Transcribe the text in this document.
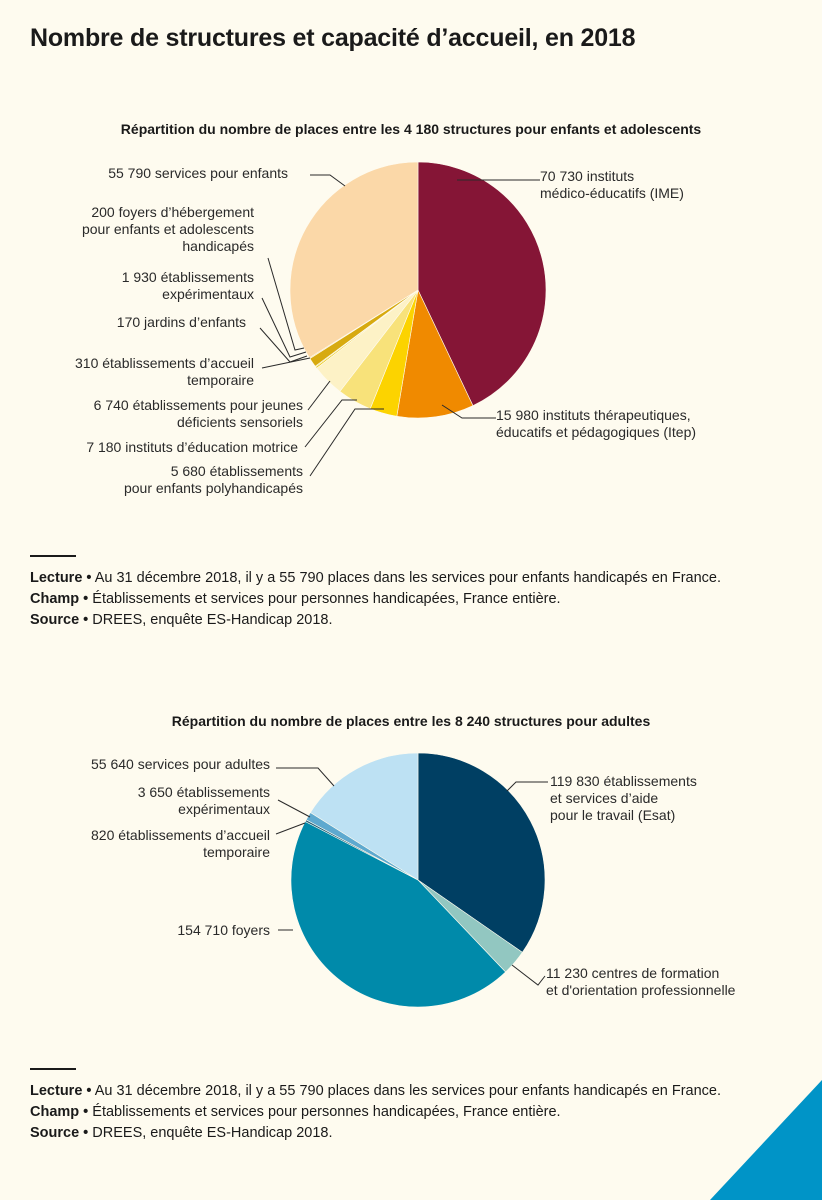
Nombre de structures et capacité d’accueil, en 2018
Répartition du nombre de places entre les 4 180 structures pour enfants et adolescents
70 730 instituts médico-éducatifs (IME)
15 980 instituts thérapeutiques, éducatifs et pédagogiques (Itep)
5 680 établissements pour enfants polyhandicapés
7 180 instituts d’éducation motrice
6 740 établissements pour jeunes déficients sensoriels
310 établissements d’accueil temporaire
170 jardins d’enfants
1 930 établissements expérimentaux
200 foyers d’hébergement pour enfants et adolescents handicapés
55 790 services pour enfants

Lecture • Au 31 décembre 2018, il y a 55 790 places dans les services pour enfants handicapés en France.

Champ • Établissements et services pour personnes handicapées, France entière.

Source • DREES, enquête ES-Handicap 2018.

Répartition du nombre de places entre les 8 240 structures pour adultes
119 830 établissements et services d’aide pour le travail (Esat)
11 230 centres de formation et d'orientation professionnelle
154 710 foyers
820 établissements d’accueil temporaire
3 650 établissements expérimentaux
55 640 services pour adultes

Lecture • Au 31 décembre 2018, il y a 55 790 places dans les services pour enfants handicapés en France.

Champ • Établissements et services pour personnes handicapées, France entière.

Source • DREES, enquête ES-Handicap 2018.
